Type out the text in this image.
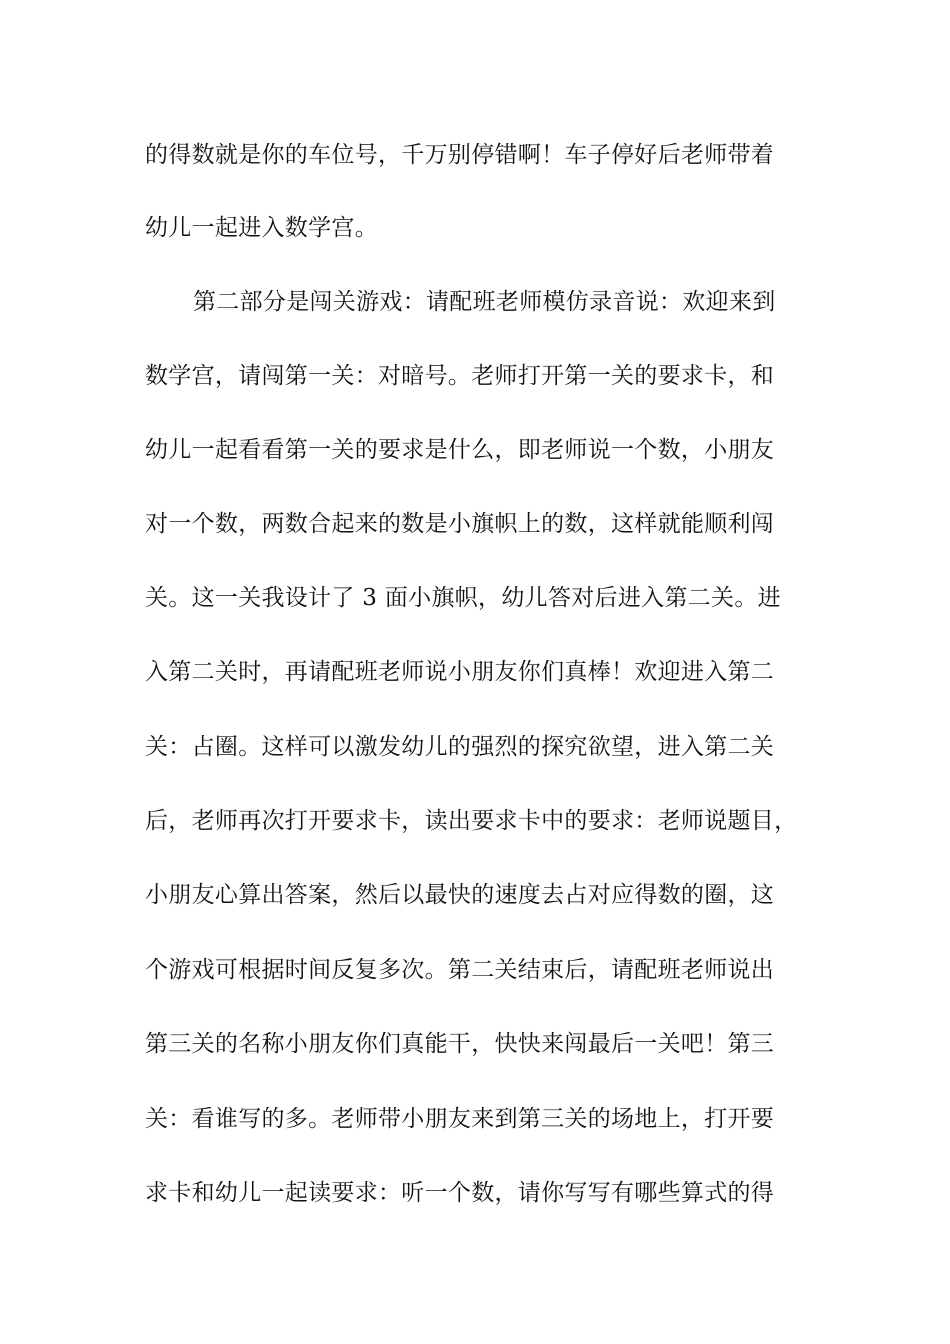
的得数就是你的车位号，千万别停错啊！车子停好后老师带着
幼儿一起进入数学宫。
第二部分是闯关游戏：请配班老师模仿录音说：欢迎来到
数学宫，请闯第一关：对暗号。老师打开第一关的要求卡，和
幼儿一起看看第一关的要求是什么，即老师说一个数，小朋友
对一个数，两数合起来的数是小旗帜上的数，这样就能顺利闯
关。这一关我设计了 3 面小旗帜，幼儿答对后进入第二关。进
入第二关时，再请配班老师说小朋友你们真棒！欢迎进入第二
关：占圈。这样可以激发幼儿的强烈的探究欲望，进入第二关
后，老师再次打开要求卡，读出要求卡中的要求：老师说题目，
小朋友心算出答案，然后以最快的速度去占对应得数的圈，这
个游戏可根据时间反复多次。第二关结束后，请配班老师说出
第三关的名称小朋友你们真能干，快快来闯最后一关吧！第三
关：看谁写的多。老师带小朋友来到第三关的场地上，打开要
求卡和幼儿一起读要求：听一个数，请你写写有哪些算式的得
